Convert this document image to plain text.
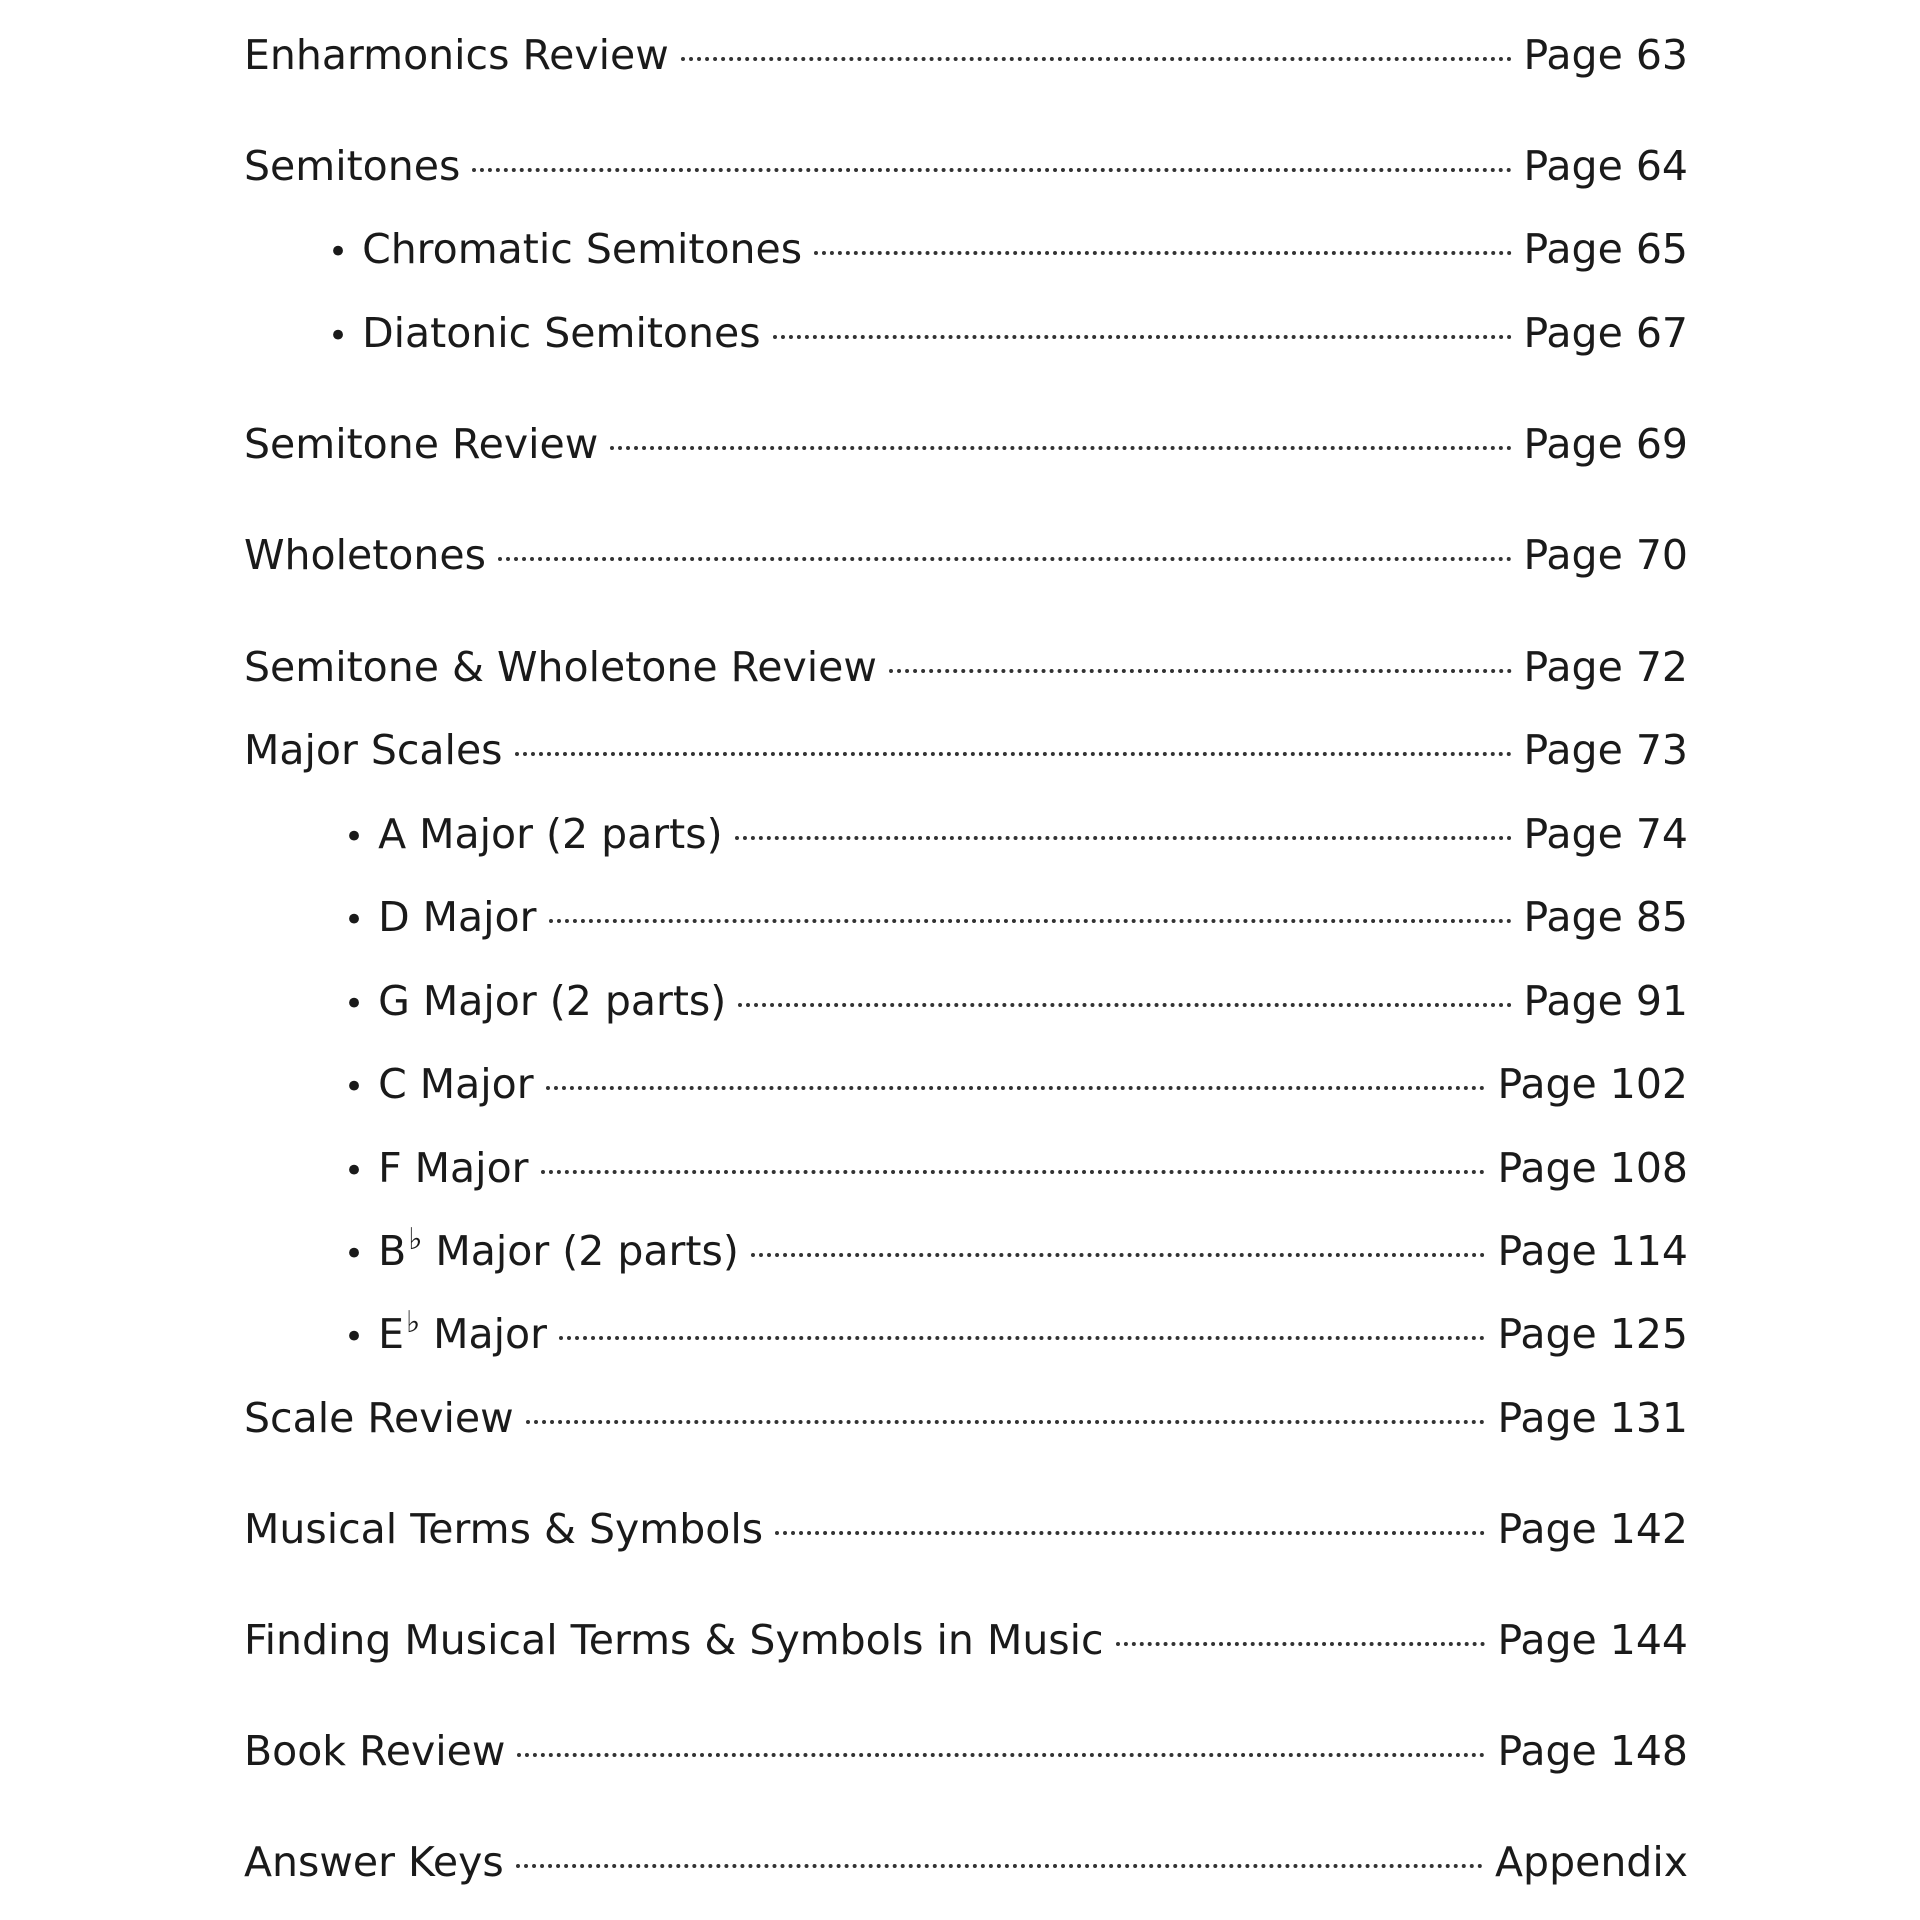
Enharmonics Review	Page 63
Semitones	Page 64
• Chromatic Semitones	Page 65
• Diatonic Semitones	Page 67
Semitone Review	Page 69
Wholetones	Page 70
Semitone & Wholetone Review	Page 72
Major Scales	Page 73
• A Major (2 parts)	Page 74
• D Major	Page 85
• G Major (2 parts)	Page 91
• C Major	Page 102
• F Major	Page 108
• B♭ Major (2 parts)	Page 114
• E♭ Major	Page 125
Scale Review	Page 131
Musical Terms & Symbols	Page 142
Finding Musical Terms & Symbols in Music	Page 144
Book Review	Page 148
Answer Keys	Appendix
